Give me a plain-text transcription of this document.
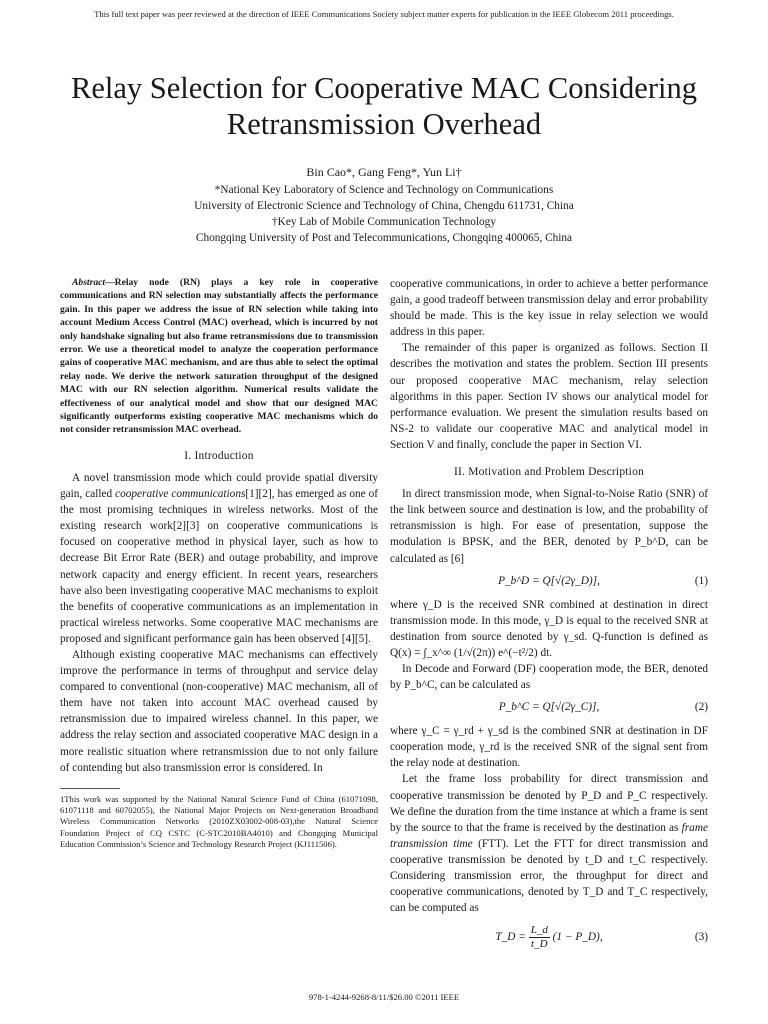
This full text paper was peer reviewed at the direction of IEEE Communications Society subject matter experts for publication in the IEEE Globecom 2011 proceedings.
Relay Selection for Cooperative MAC Considering
Retransmission Overhead
Bin Cao*, Gang Feng*, Yun Li†
*National Key Laboratory of Science and Technology on Communications
University of Electronic Science and Technology of China, Chengdu 611731, China
†Key Lab of Mobile Communication Technology
Chongqing University of Post and Telecommunications, Chongqing 400065, China

Abstract—Relay node (RN) plays a key role in cooperative communications and RN selection may substantially affects the performance gain. In this paper we address the issue of RN selection while taking into account Medium Access Control (MAC) overhead, which is incurred by not only handshake signaling but also frame retransmissions due to transmission error. We use a theoretical model to analyze the cooperation performance gains of cooperative MAC mechanism, and are thus able to select the optimal relay node. We derive the network saturation throughput of the designed MAC with our RN selection algorithm. Numerical results validate the effectiveness of our analytical model and show that our designed MAC significantly outperforms existing cooperative MAC mechanisms which do not consider retransmission MAC overhead.

I. Introduction

A novel transmission mode which could provide spatial diversity gain, called cooperative communications[1][2], has emerged as one of the most promising techniques in wireless networks. Most of the existing research work[2][3] on cooperative communications is focused on cooperative method in physical layer, such as how to decrease Bit Error Rate (BER) and outage probability, and improve network capacity and energy efficient. In recent years, researchers have also been investigating cooperative MAC mechanisms to exploit the benefits of cooperative communications as an implementation in practical wireless networks. Some cooperative MAC mechanisms are proposed and significant performance gain has been observed [4][5].

Although existing cooperative MAC mechanisms can effectively improve the performance in terms of throughput and service delay compared to conventional (non-cooperative) MAC mechanism, all of them have not taken into account MAC overhead caused by retransmission due to impaired wireless channel. In this paper, we address the relay section and associated cooperative MAC design in a more realistic situation where retransmission due to not only failure of contending but also transmission error is considered. In

1This work was supported by the National Natural Science Fund of China (61071098, 61071118 and 60702055), the National Major Projects on Next-generation Broadband Wireless Communication Networks (2010ZX03002-008-03),the Natural Science Foundation Project of CQ CSTC (C-STC2010BA4010) and Chongqing Municipal Education Commission’s Science and Technology Research Project (KJ111506).

cooperative communications, in order to achieve a better performance gain, a good tradeoff between transmission delay and error probability should be made. This is the key issue in relay selection we would address in this paper.

The remainder of this paper is organized as follows. Section II describes the motivation and states the problem. Section III presents our proposed cooperative MAC mechanism, relay selection algorithms in this paper. Section IV shows our analytical model for performance evaluation. We present the simulation results based on NS-2 to validate our cooperative MAC and analytical model in Section V and finally, conclude the paper in Section VI.

II. Motivation and Problem Description

In direct transmission mode, when Signal-to-Noise Ratio (SNR) of the link between source and destination is low, and the probability of retransmission is high. For ease of presentation, suppose the modulation is BPSK, and the BER, denoted by P_b^D, can be calculated as [6]

P_b^D = Q[√(2γ_D)],	(1)

where γ_D is the received SNR combined at destination in direct transmission mode. In this mode, γ_D is equal to the received SNR at destination from source denoted by γ_sd. Q-function is defined as Q(x) = ∫_x^∞ (1/√(2π)) e^(−t²/2) dt.

In Decode and Forward (DF) cooperation mode, the BER, denoted by P_b^C, can be calculated as

P_b^C = Q[√(2γ_C)],	(2)

where γ_C = γ_rd + γ_sd is the combined SNR at destination in DF cooperation mode, γ_rd is the received SNR of the signal sent from the relay node at destination.

Let the frame loss probability for direct transmission and cooperative transmission be denoted by P_D and P_C respectively. We define the duration from the time instance at which a frame is sent by the source to that the frame is received by the destination as frame transmission time (FTT). Let the FTT for direct transmission and cooperative transmission be denoted by t_D and t_C respectively. Considering transmission error, the throughput for direct and cooperative communications, denoted by T_D and T_C respectively, can be computed as

T_D = $\frac{L\_d}{t\_D} (1$ − P_D),	(3)
978-1-4244-9268-8/11/$26.00 ©2011 IEEE
